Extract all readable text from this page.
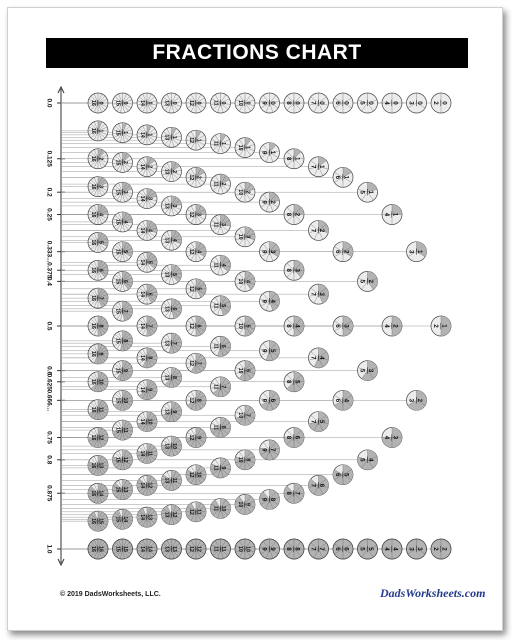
FRACTIONS CHART
0.0
0.125
0.2
0.25
0.333...
0.375
0.4
0.5
0.6
0.625
0.666...
0.75
0.8
0.875
1.0
0
16
1
16
2
16
3
16
4
16
5
16
6
16
7
16
8
16
9
16
10
16
11
16
12
16
13
16
14
16
15
16
16
16
0
15
1
15
2
15
3
15
4
15
5
15
6
15
7
15
8
15
9
15
10
15
11
15
12
15
13
15
14
15
15
15
0
14
1
14
2
14
3
14
4
14
5
14
6
14
7
14
8
14
9
14
10
14
11
14
12
14
13
14
14
14
0
13
1
13
2
13
3
13
4
13
5
13
6
13
7
13
8
13
9
13
10
13
11
13
12
13
13
13
0
12
1
12
2
12
3
12
4
12
5
12
6
12
7
12
8
12
9
12
10
12
11
12
12
12
0
11
1
11
2
11
3
11
4
11
5
11
6
11
7
11
8
11
9
11
10
11
11
11
0
10
1
10
2
10
3
10
4
10
5
10
6
10
7
10
8
10
9
10
10
10
0
9
1
9
2
9
3
9
4
9
5
9
6
9
7
9
8
9
9
9
0
8
1
8
2
8
3
8
4
8
5
8
6
8
7
8
8
8
0
7
1
7
2
7
3
7
4
7
5
7
6
7
7
7
0
6
1
6
2
6
3
6
4
6
5
6
6
6
0
5
1
5
2
5
3
5
4
5
5
5
0
4
1
4
2
4
3
4
4
4
0
3
1
3
2
3
3
3
0
2
1
2
2
2
© 2019 DadsWorksheets, LLC.	DadsWorksheets.com
